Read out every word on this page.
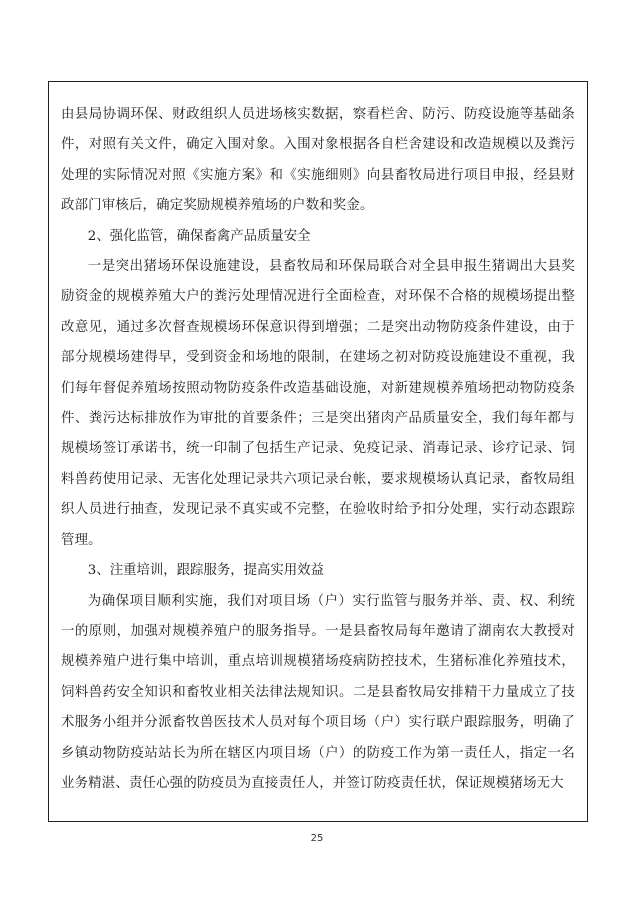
由县局协调环保、财政组织人员进场核实数据，察看栏舍、防污、防疫设施等基础条件，对照有关文件，确定入围对象。入围对象根据各自栏舍建设和改造规模以及粪污处理的实际情况对照《实施方案》和《实施细则》向县畜牧局进行项目申报，经县财政部门审核后，确定奖励规模养殖场的户数和奖金。

2、强化监管，确保畜禽产品质量安全

一是突出猪场环保设施建设，县畜牧局和环保局联合对全县申报生猪调出大县奖励资金的规模养殖大户的粪污处理情况进行全面检查，对环保不合格的规模场提出整改意见，通过多次督查规模场环保意识得到增强；二是突出动物防疫条件建设，由于部分规模场建得早，受到资金和场地的限制，在建场之初对防疫设施建设不重视，我们每年督促养殖场按照动物防疫条件改造基础设施，对新建规模养殖场把动物防疫条件、粪污达标排放作为审批的首要条件；三是突出猪肉产品质量安全，我们每年都与规模场签订承诺书，统一印制了包括生产记录、免疫记录、消毒记录、诊疗记录、饲料兽药使用记录、无害化处理记录共六项记录台帐，要求规模场认真记录，畜牧局组织人员进行抽查，发现记录不真实或不完整，在验收时给予扣分处理，实行动态跟踪管理。

3、注重培训，跟踪服务，提高实用效益

为确保项目顺利实施，我们对项目场（户）实行监管与服务并举、责、权、利统一的原则，加强对规模养殖户的服务指导。一是县畜牧局每年邀请了湖南农大教授对规模养殖户进行集中培训，重点培训规模猪场疫病防控技术，生猪标准化养殖技术，饲料兽药安全知识和畜牧业相关法律法规知识。二是县畜牧局安排精干力量成立了技术服务小组并分派畜牧兽医技术人员对每个项目场（户）实行联户跟踪服务，明确了乡镇动物防疫站站长为所在辖区内项目场（户）的防疫工作为第一责任人，指定一名业务精湛、责任心强的防疫员为直接责任人，并签订防疫责任状，保证规模猪场无大

25
